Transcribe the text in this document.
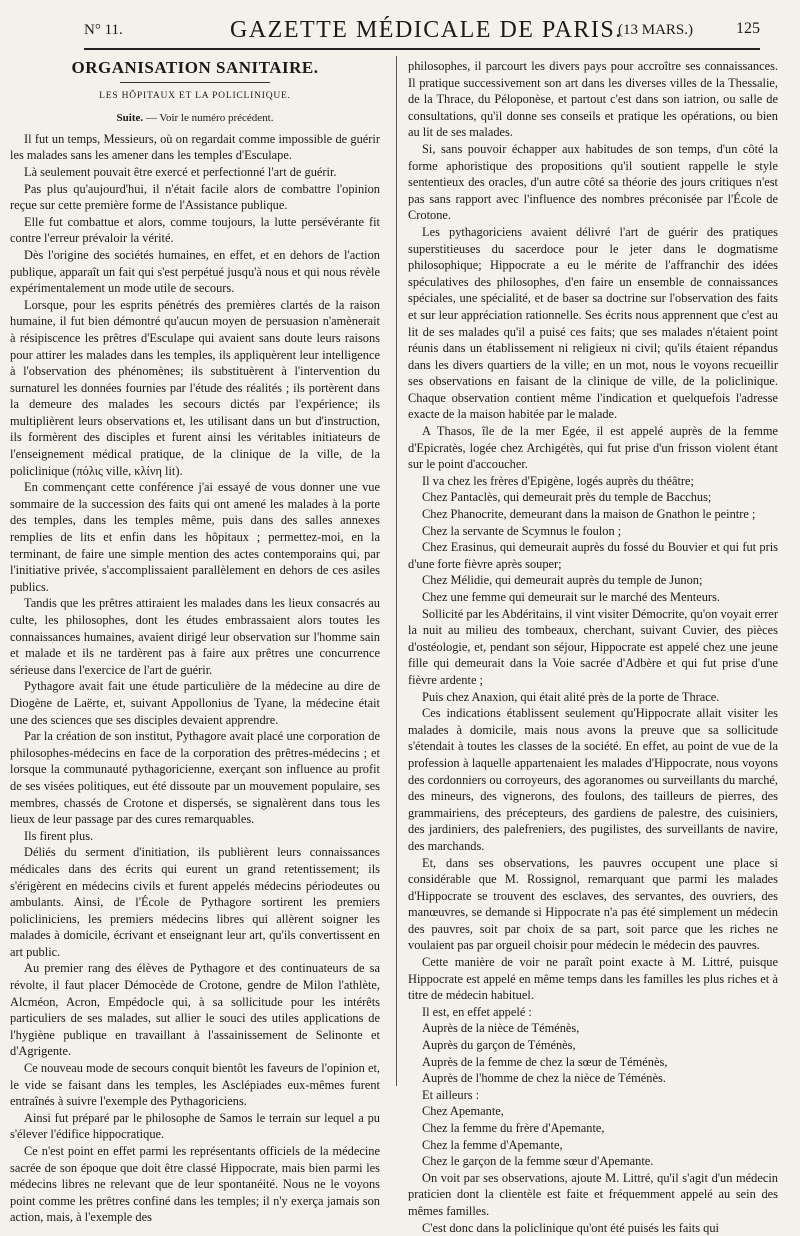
N° 11.	GAZETTE MÉDICALE DE PARIS.
(13 MARS.)	125
ORGANISATION SANITAIRE.
LES HÔPITAUX ET LA POLICLINIQUE.
Suite. — Voir le numéro précédent.

Il fut un temps, Messieurs, où on regardait comme impossible de guérir les malades sans les amener dans les temples d'Esculape.

Là seulement pouvait être exercé et perfectionné l'art de guérir.

Pas plus qu'aujourd'hui, il n'était facile alors de combattre l'opinion reçue sur cette première forme de l'Assistance publique.

Elle fut combattue et alors, comme toujours, la lutte persévérante fit contre l'erreur prévaloir la vérité.

Dès l'origine des sociétés humaines, en effet, et en dehors de l'action publique, apparaît un fait qui s'est perpétué jusqu'à nous et qui nous révèle expérimentalement un mode utile de secours.

Lorsque, pour les esprits pénétrés des premières clartés de la raison humaine, il fut bien démontré qu'aucun moyen de persuasion n'amènerait à résipiscence les prêtres d'Esculape qui avaient sans doute leurs raisons pour attirer les malades dans les temples, ils appliquèrent leur intelligence à l'observation des phénomènes; ils substituèrent à l'intervention du surnaturel les données fournies par l'étude des réalités ; ils portèrent dans la demeure des malades les secours dictés par l'expérience; ils multiplièrent leurs observations et, les utilisant dans un but d'instruction, ils formèrent des disciples et furent ainsi les véritables initiateurs de l'enseignement médical pratique, de la clinique de la ville, de la policlinique (πόλις ville, κλίνη lit).

En commençant cette conférence j'ai essayé de vous donner une vue sommaire de la succession des faits qui ont amené les malades à la porte des temples, dans les temples même, puis dans des salles annexes remplies de lits et enfin dans les hôpitaux ; permettez-moi, en la terminant, de faire une simple mention des actes contemporains qui, par l'initiative privée, s'accomplissaient parallèlement en dehors de ces asiles publics.

Tandis que les prêtres attiraient les malades dans les lieux consacrés au culte, les philosophes, dont les études embrassaient alors toutes les connaissances humaines, avaient dirigé leur observation sur l'homme sain et malade et ils ne tardèrent pas à faire aux prêtres une concurrence sérieuse dans l'exercice de l'art de guérir.

Pythagore avait fait une étude particulière de la médecine au dire de Diogène de Laërte, et, suivant Appollonius de Tyane, la médecine était une des sciences que ses disciples devaient apprendre.

Par la création de son institut, Pythagore avait placé une corporation de philosophes-médecins en face de la corporation des prêtres-médecins ; et lorsque la communauté pythagoricienne, exerçant son influence au profit de ses visées politiques, eut été dissoute par un mouvement populaire, ses membres, chassés de Crotone et dispersés, se signalèrent dans tous les lieux de leur passage par des cures remarquables.

Ils firent plus.

Déliés du serment d'initiation, ils publièrent leurs connaissances médicales dans des écrits qui eurent un grand retentissement; ils s'érigèrent en médecins civils et furent appelés médecins périodeutes ou ambulants. Ainsi, de l'École de Pythagore sortirent les premiers policliniciens, les premiers médecins libres qui allèrent soigner les malades à domicile, écrivant et enseignant leur art, qu'ils convertissent en art public.

Au premier rang des élèves de Pythagore et des continuateurs de sa révolte, il faut placer Démocède de Crotone, gendre de Milon l'athlète, Alcméon, Acron, Empédocle qui, à sa sollicitude pour les intérêts particuliers de ses malades, sut allier le souci des utiles applications de l'hygiène publique en travaillant à l'assainissement de Selinonte et d'Agrigente.

Ce nouveau mode de secours conquit bientôt les faveurs de l'opinion et, le vide se faisant dans les temples, les Asclépiades eux-mêmes furent entraînés à suivre l'exemple des Pythagoriciens.

Ainsi fut préparé par le philosophe de Samos le terrain sur lequel a pu s'élever l'édifice hippocratique.

Ce n'est point en effet parmi les représentants officiels de la médecine sacrée de son époque que doit être classé Hippocrate, mais bien parmi les médecins libres ne relevant que de leur spontanéité. Nous ne le voyons point comme les prêtres confiné dans les temples; il n'y exerça jamais son action, mais, à l'exemple des

philosophes, il parcourt les divers pays pour accroître ses connaissances. Il pratique successivement son art dans les diverses villes de la Thessalie, de la Thrace, du Péloponèse, et partout c'est dans son iatrion, ou salle de consultations, qu'il donne ses conseils et pratique les opérations, ou bien au lit de ses malades.

Si, sans pouvoir échapper aux habitudes de son temps, d'un côté la forme aphoristique des propositions qu'il soutient rappelle le style sententieux des oracles, d'un autre côté sa théorie des jours critiques n'est pas sans rapport avec l'influence des nombres préconisée par l'École de Crotone.

Les pythagoriciens avaient délivré l'art de guérir des pratiques superstitieuses du sacerdoce pour le jeter dans le dogmatisme philosophique; Hippocrate a eu le mérite de l'affranchir des idées spéculatives des philosophes, d'en faire un ensemble de connaissances spéciales, une spécialité, et de baser sa doctrine sur l'observation des faits et sur leur appréciation rationnelle. Ses écrits nous apprennent que c'est au lit de ses malades qu'il a puisé ces faits; que ses malades n'étaient point réunis dans un établissement ni religieux ni civil; qu'ils étaient répandus dans les divers quartiers de la ville; en un mot, nous le voyons recueillir ses observations en faisant de la clinique de ville, de la policlinique. Chaque observation contient même l'indication et quelquefois l'adresse exacte de la maison habitée par le malade.

A Thasos, île de la mer Egée, il est appelé auprès de la femme d'Epicratès, logée chez Archigétès, qui fut prise d'un frisson violent étant sur le point d'accoucher.

Il va chez les frères d'Epigène, logés auprès du théâtre;

Chez Pantaclès, qui demeurait près du temple de Bacchus;

Chez Phanocrite, demeurant dans la maison de Gnathon le peintre ;

Chez la servante de Scymnus le foulon ;

Chez Erasinus, qui demeurait auprès du fossé du Bouvier et qui fut pris d'une forte fièvre après souper;

Chez Mélidie, qui demeurait auprès du temple de Junon;

Chez une femme qui demeurait sur le marché des Menteurs.

Sollicité par les Abdéritains, il vint visiter Démocrite, qu'on voyait errer la nuit au milieu des tombeaux, cherchant, suivant Cuvier, des pièces d'ostéologie, et, pendant son séjour, Hippocrate est appelé chez une jeune fille qui demeurait dans la Voie sacrée d'Adbère et qui fut prise d'une fièvre ardente ;

Puis chez Anaxion, qui était alité près de la porte de Thrace.

Ces indications établissent seulement qu'Hippocrate allait visiter les malades à domicile, mais nous avons la preuve que sa sollicitude s'étendait à toutes les classes de la société. En effet, au point de vue de la profession à laquelle appartenaient les malades d'Hippocrate, nous voyons des cordonniers ou corroyeurs, des agoranomes ou surveillants du marché, des mineurs, des vignerons, des foulons, des tailleurs de pierres, des grammairiens, des précepteurs, des gardiens de palestre, des cuisiniers, des jardiniers, des palefreniers, des pugilistes, des surveillants de navire, des marchands.

Et, dans ses observations, les pauvres occupent une place si considérable que M. Rossignol, remarquant que parmi les malades d'Hippocrate se trouvent des esclaves, des servantes, des ouvriers, des manœuvres, se demande si Hippocrate n'a pas été simplement un médecin des pauvres, soit par choix de sa part, soit parce que les riches ne voulaient pas par orgueil choisir pour médecin le médecin des pauvres.

Cette manière de voir ne paraît point exacte à M. Littré, puisque Hippocrate est appelé en même temps dans les familles les plus riches et à titre de médecin habituel.

Il est, en effet appelé :

Auprès de la nièce de Téménès,

Auprès du garçon de Téménès,

Auprès de la femme de chez la sœur de Téménès,

Auprès de l'homme de chez la nièce de Téménès.

Et ailleurs :

Chez Apemante,

Chez la femme du frère d'Apemante,

Chez la femme d'Apemante,

Chez le garçon de la femme sœur d'Apemante.

On voit par ses observations, ajoute M. Littré, qu'il s'agit d'un médecin praticien dont la clientèle est faite et fréquemment appelé au sein des mêmes familles.

C'est donc dans la policlinique qu'ont été puisés les faits qui
